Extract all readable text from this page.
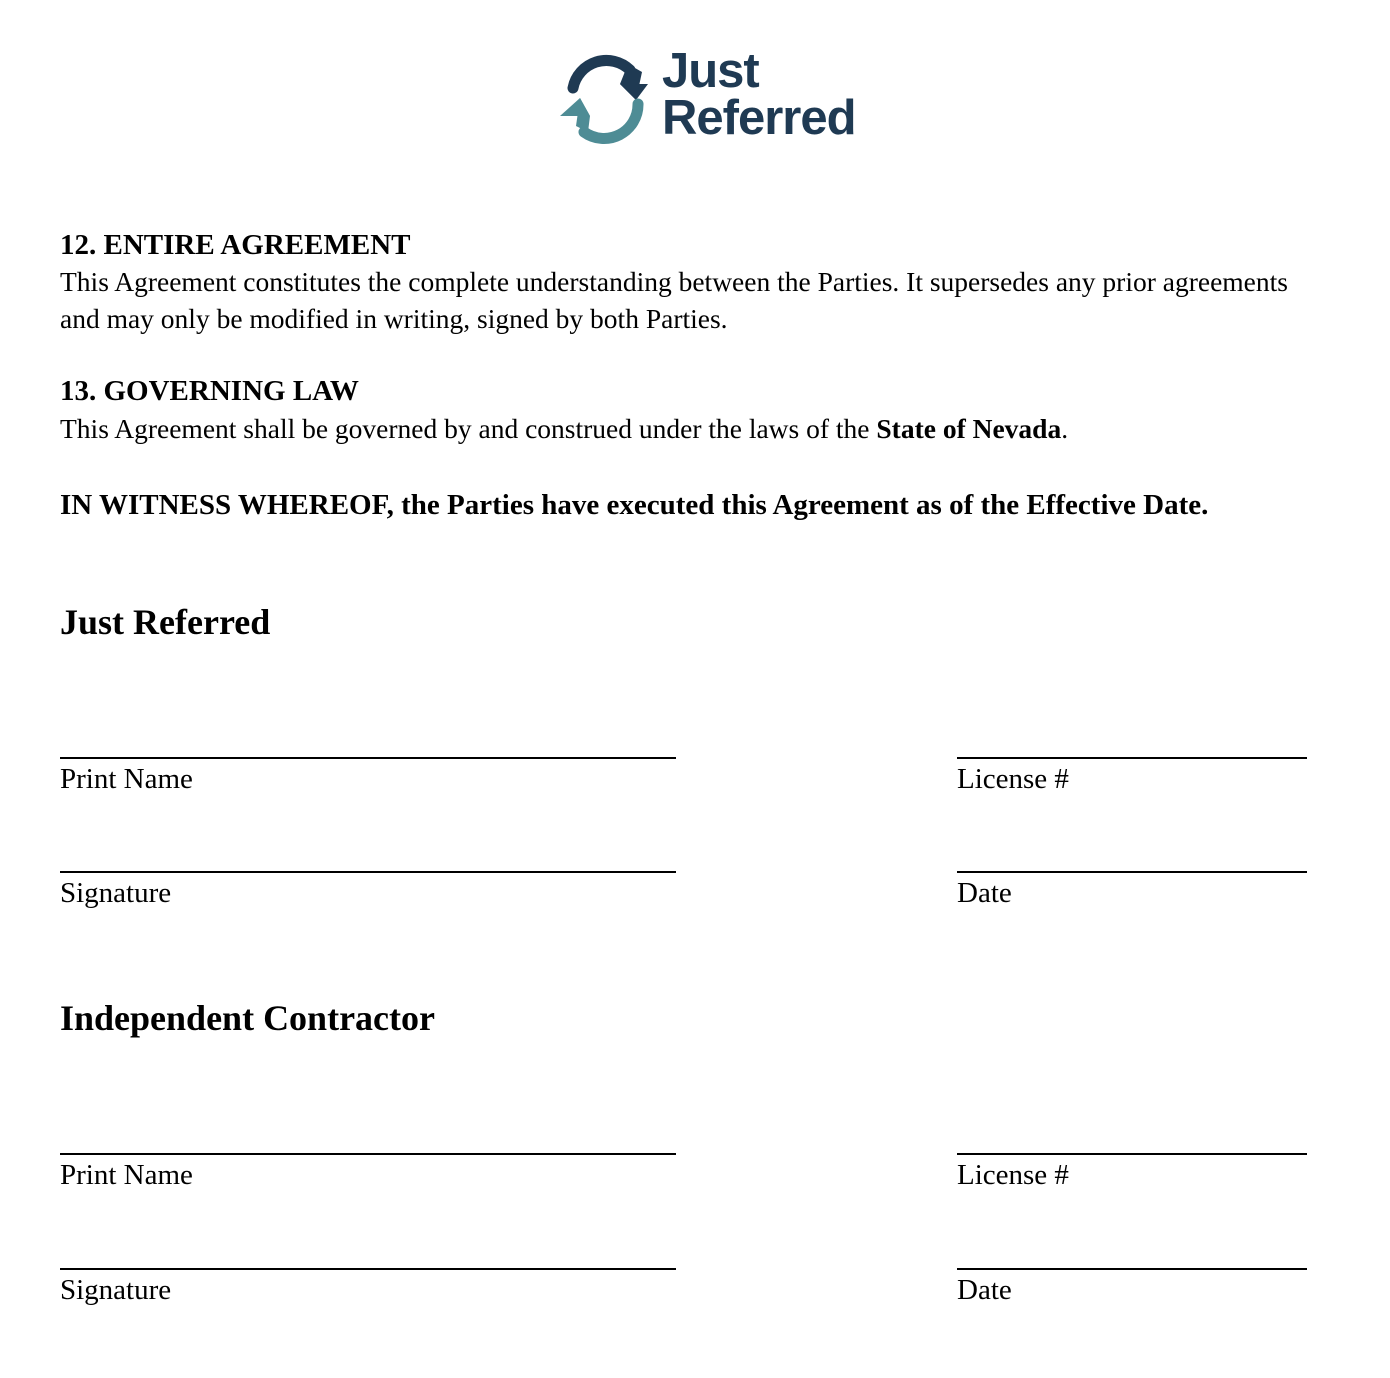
Just
Referred
12. ENTIRE AGREEMENT
This Agreement constitutes the complete understanding between the Parties. It supersedes any prior agreements and may only be modified in writing, signed by both Parties.
13. GOVERNING LAW
This Agreement shall be governed by and construed under the laws of the State of Nevada.
IN WITNESS WHEREOF, the Parties have executed this Agreement as of the Effective Date.
Just Referred
Print Name	License #
Signature	Date
Independent Contractor
Print Name	License #
Signature	Date
